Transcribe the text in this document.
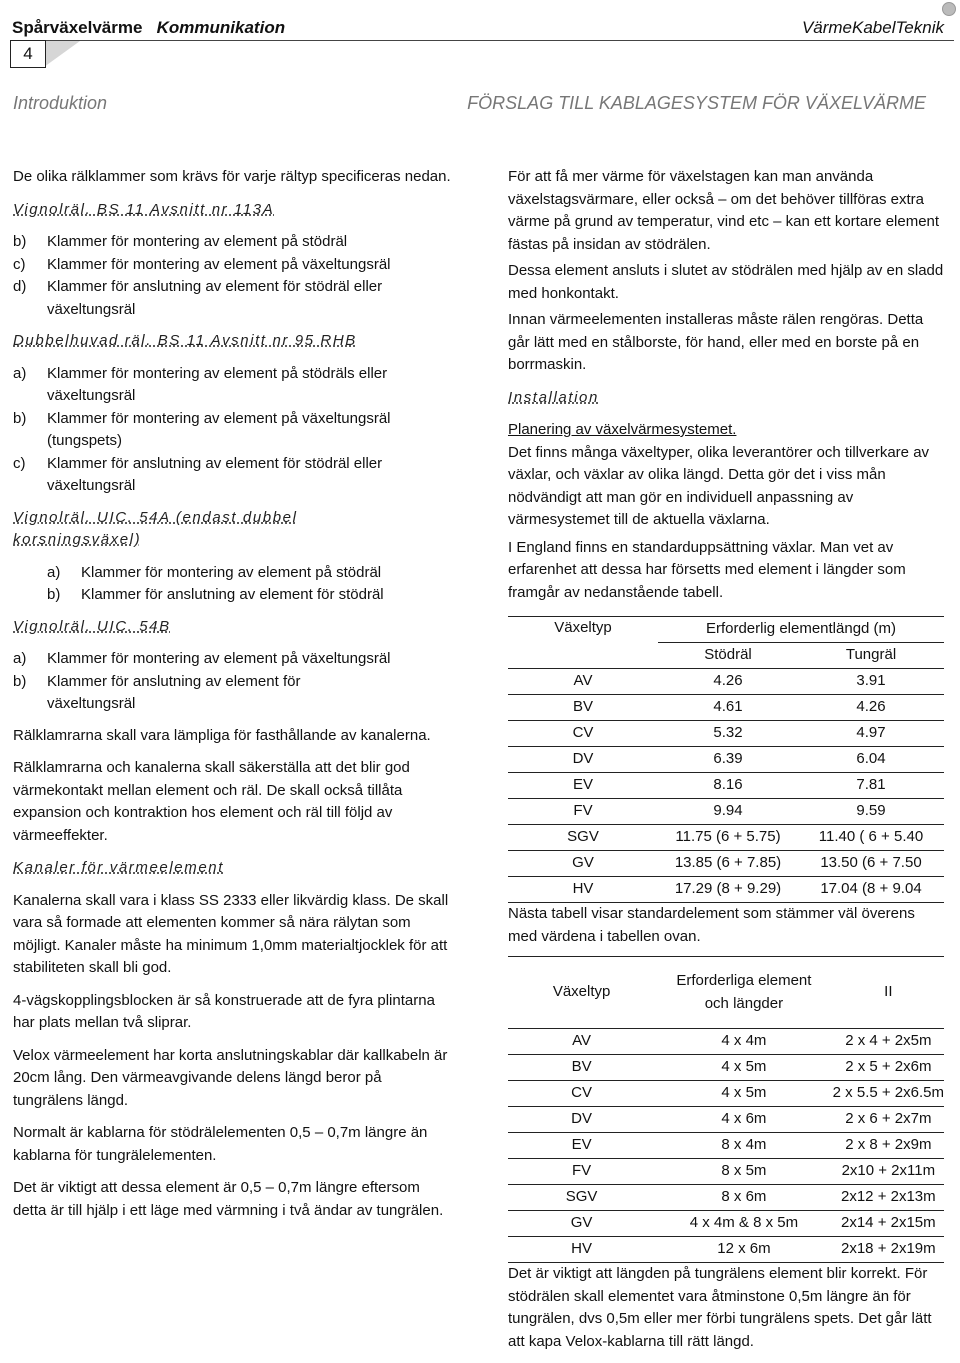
Spårväxelvärme Kommunikation	VärmeKabelTeknik
4
Introduktion	FÖRSLAG TILL KABLAGESYSTEM FÖR VÄXELVÄRME

De olika rälklammer som krävs för varje rältyp specificeras nedan.

Vignolräl. BS 11 Avsnitt nr 113A
b)	Klammer för montering av element på stödräl
c)	Klammer för montering av element på växeltungsräl
d)	Klammer för anslutning av element för stödräl eller växeltungsräl
Dubbelhuvad räl. BS 11 Avsnitt nr 95 RHB
a)	Klammer för montering av element på stödräls eller växeltungsräl
b)	Klammer för montering av element på växeltungsräl (tungspets)
c)	Klammer för anslutning av element för stödräl eller växeltungsräl
Vignolräl. UIC. 54A (endast dubbel korsningsväxel)
a)	Klammer för montering av element på stödräl
b)	Klammer för anslutning av element för stödräl
Vignolräl. UIC. 54B
a)	Klammer för montering av element på växeltungsräl
b)	Klammer för anslutning av element för växeltungsräl

Rälklamrarna skall vara lämpliga för fasthållande av kanalerna.

Rälklamrarna och kanalerna skall säkerställa att det blir god värmekontakt mellan element och räl. De skall också tillåta expansion och kontraktion hos element och räl till följd av värmeeffekter.

Kanaler för värmeelement

Kanalerna skall vara i klass SS 2333 eller likvärdig klass. De skall vara så formade att elementen kommer så nära rälytan som möjligt. Kanaler måste ha minimum 1,0mm materialtjocklek för att stabiliteten skall bli god.

4-vägskopplingsblocken är så konstruerade att de fyra plintarna har plats mellan två sliprar.

Velox värmeelement har korta anslutningskablar där kallkabeln är 20cm lång. Den värmeavgivande delens längd beror på tungrälens längd.

Normalt är kablarna för stödrälelementen 0,5 – 0,7m längre än kablarna för tungrälelementen.

Det är viktigt att dessa element är 0,5 – 0,7m längre eftersom detta är till hjälp i ett läge med värmning i två ändar av tungrälen.

För att få mer värme för växelstagen kan man använda växelstagsvärmare, eller också – om det behöver tillföras extra värme på grund av temperatur, vind etc – kan ett kortare element fästas på insidan av stödrälen.

Dessa element ansluts i slutet av stödrälen med hjälp av en sladd med honkontakt.

Innan värmeelementen installeras måste rälen rengöras. Detta går lätt med en stålborste, för hand, eller med en borste på en borrmaskin.

Installation
Planering av växelvärmesystemet.

Det finns många växeltyper, olika leverantörer och tillverkare av växlar, och växlar av olika längd. Detta gör det i viss mån nödvändigt att man gör en individuell anpassning av värmesystemet till de aktuella växlarna.

I England finns en standarduppsättning växlar. Man vet av erfarenhet att dessa har försetts med element i längder som framgår av nedanstående tabell.

Växeltyp	Erforderlig elementlängd (m)	
	Stödräl	Tungräl
AV	4.26	3.91
BV	4.61	4.26
CV	5.32	4.97
DV	6.39	6.04
EV	8.16	7.81
FV	9.94	9.59
SGV	11.75 (6 + 5.75)	11.40 ( 6 + 5.40
GV	13.85 (6 + 7.85)	13.50 (6 + 7.50
HV	17.29 (8 + 9.29)	17.04 (8 + 9.04

Nästa tabell visar standardelement som stämmer väl överens med värdena i tabellen ovan.

Växeltyp	Erforderliga element och längder	II
AV	4 x 4m	2 x 4 + 2x5m
BV	4 x 5m	2 x 5 + 2x6m
CV	4 x 5m	2 x 5.5 + 2x6.5m
DV	4 x 6m	2 x 6 + 2x7m
EV	8 x 4m	2 x 8 + 2x9m
FV	8 x 5m	2x10 + 2x11m
SGV	8 x 6m	2x12 + 2x13m
GV	4 x 4m & 8 x 5m	2x14 + 2x15m
HV	12 x 6m	2x18 + 2x19m

Det är viktigt att längden på tungrälens element blir korrekt. För stödrälen skall elementet vara åtminstone 0,5m längre än för tungrälen, dvs 0,5m eller mer förbi tungrälens spets. Det går lätt att kapa Velox-kablarna till rätt längd.
